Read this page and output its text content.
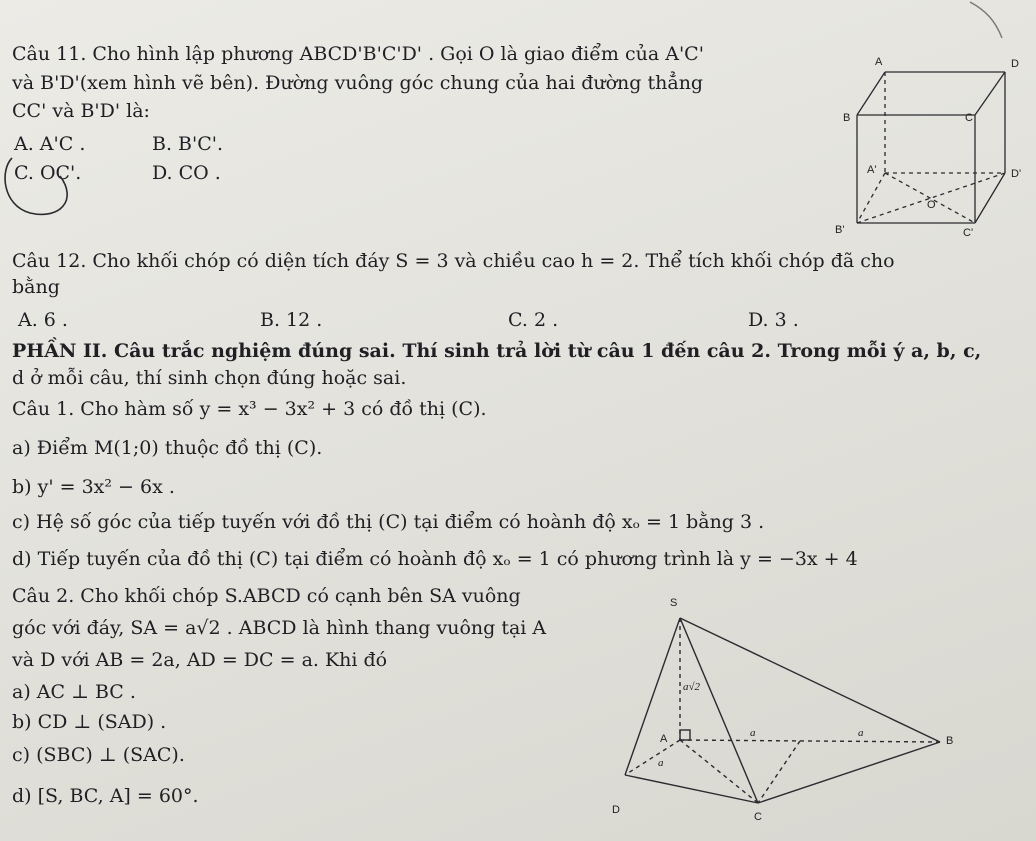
Câu 11. Cho hình lập phương ABCD'B'C'D' . Gọi O là giao điểm của A'C'
và B'D'(xem hình vẽ bên). Đường vuông góc chung của hai đường thẳng
CC' và B'D' là:
A. A'C .	B. B'C'.
C. OC'.	D. CO .
A	D
B	C
A'	D'
B'	C'
O
Câu 12. Cho khối chóp có diện tích đáy S = 3 và chiều cao h = 2. Thể tích khối chóp đã cho
bằng
A. 6 .	B. 12 .	C. 2 .	D. 3 .
PHẦN II. Câu trắc nghiệm đúng sai. Thí sinh trả lời từ câu 1 đến câu 2. Trong mỗi ý a, b, c,
d ở mỗi câu, thí sinh chọn đúng hoặc sai.
Câu 1. Cho hàm số y = x³ − 3x² + 3 có đồ thị (C).
a) Điểm M(1;0) thuộc đồ thị (C).
b) y' = 3x² − 6x .
c) Hệ số góc của tiếp tuyến với đồ thị (C) tại điểm có hoành độ xₒ = 1 bằng 3 .
d) Tiếp tuyến của đồ thị (C) tại điểm có hoành độ xₒ = 1 có phương trình là y = −3x + 4
Câu 2. Cho khối chóp S.ABCD có cạnh bên SA vuông
góc với đáy, SA = a√2 . ABCD là hình thang vuông tại A
và D với AB = 2a, AD = DC = a. Khi đó
a) AC ⊥ BC .
b) CD ⊥ (SAD) .
c) (SBC) ⊥ (SAC).
d) [S, BC, A] = 60°.
S
A	B
C
D
a√2
a
a	a
